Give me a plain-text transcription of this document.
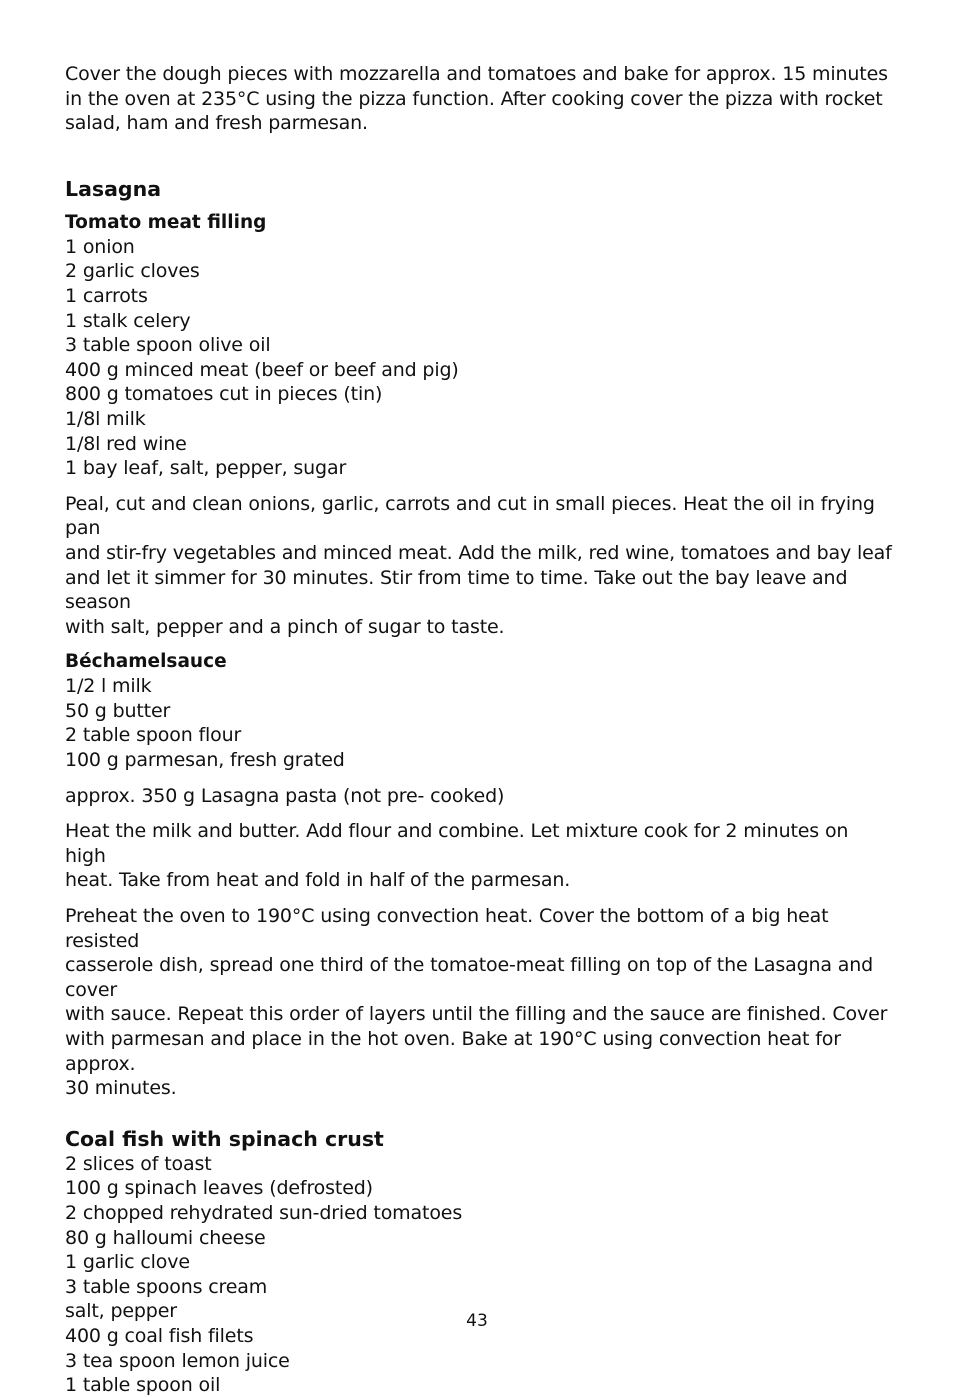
Cover the dough pieces with mozzarella and tomatoes and bake for approx. 15 minutes
in the oven at 235°C using the pizza function. After cooking cover the pizza with rocket
salad, ham and fresh parmesan.

Lasagna
Tomato meat filling
1 onion
2 garlic cloves
1 carrots
1 stalk celery
3 table spoon olive oil
400 g minced meat (beef or beef and pig)
800 g tomatoes cut in pieces (tin)
1/8l milk
1/8l red wine
1 bay leaf, salt, pepper, sugar

Peal, cut and clean onions, garlic, carrots and cut in small pieces. Heat the oil in frying pan
and stir-fry vegetables and minced meat. Add the milk, red wine, tomatoes and bay leaf
and let it simmer for 30 minutes. Stir from time to time. Take out the bay leave and season
with salt, pepper and a pinch of sugar to taste.

Béchamelsauce
1/2 l milk
50 g butter
2 table spoon flour
100 g parmesan, fresh grated

approx. 350 g Lasagna pasta (not pre- cooked)

Heat the milk and butter. Add flour and combine. Let mixture cook for 2 minutes on high
heat. Take from heat and fold in half of the parmesan.

Preheat the oven to 190°C using convection heat. Cover the bottom of a big heat resisted
casserole dish, spread one third of the tomatoe-meat filling on top of the Lasagna and cover
with sauce. Repeat this order of layers until the filling and the sauce are finished. Cover
with parmesan and place in the hot oven. Bake at 190°C using convection heat for approx.
30 minutes.

Coal fish with spinach crust
2 slices of toast
100 g spinach leaves (defrosted)
2 chopped rehydrated sun-dried tomatoes
80 g halloumi cheese
1 garlic clove
3 table spoons cream
salt, pepper
400 g coal fish filets
3 tea spoon lemon juice
1 table spoon oil
43
